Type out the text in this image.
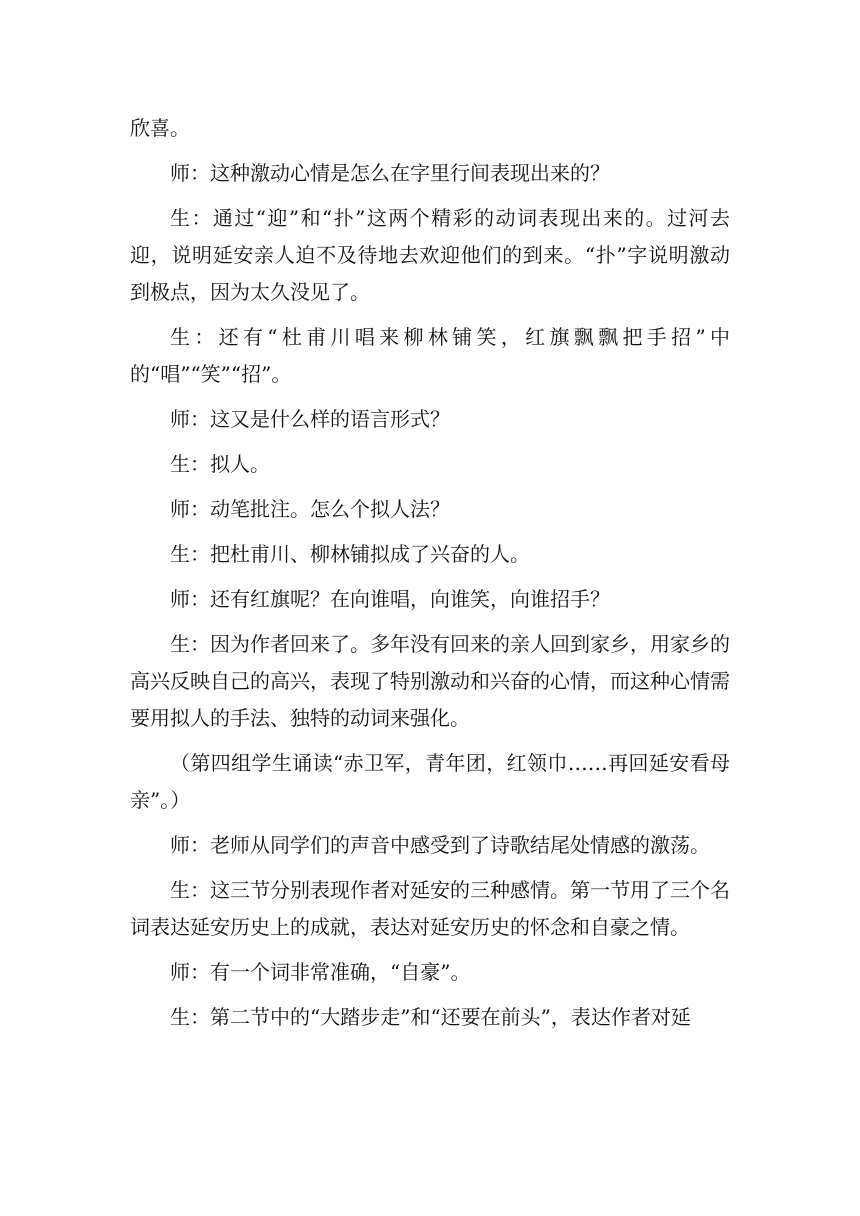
欣喜。

师：这种激动心情是怎么在字里行间表现出来的？

生：通过“迎”和“扑”这两个精彩的动词表现出来的。过河去迎，说明延安亲人迫不及待地去欢迎他们的到来。“扑”字说明激动到极点，因为太久没见了。

生：还有“杜甫川唱来柳林铺笑，红旗飘飘把手招”中的“唱”“笑”“招”。

师：这又是什么样的语言形式？

生：拟人。

师：动笔批注。怎么个拟人法？

生：把杜甫川、柳林铺拟成了兴奋的人。

师：还有红旗呢？在向谁唱，向谁笑，向谁招手？

生：因为作者回来了。多年没有回来的亲人回到家乡，用家乡的高兴反映自己的高兴，表现了特别激动和兴奋的心情，而这种心情需要用拟人的手法、独特的动词来强化。

（第四组学生诵读“赤卫军，青年团，红领巾……再回延安看母亲”。）

师：老师从同学们的声音中感受到了诗歌结尾处情感的激荡。

生：这三节分别表现作者对延安的三种感情。第一节用了三个名词表达延安历史上的成就，表达对延安历史的怀念和自豪之情。

师：有一个词非常准确，“自豪”。

生：第二节中的“大踏步走”和“还要在前头”，表达作者对延
